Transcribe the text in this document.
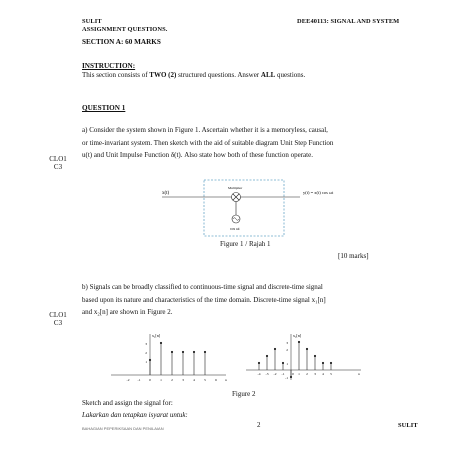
SULIT
ASSIGNMENT QUESTIONS.
DEE40113: SIGNAL AND SYSTEM
SECTION A: 60 MARKS
INSTRUCTION:
This section consists of TWO (2) structured questions. Answer ALL questions.
QUESTION 1
CLO1
C3
a) Consider the system shown in Figure 1. Ascertain whether it is a memoryless, causal,
or time-invariant system. Then sketch with the aid of suitable diagram Unit Step Function
u(t) and Unit Impulse Function δ(t). Also state how both of these function operate.
x(t)
Multiplier
y(t) = x(t) cos ωt
cos ωt
Figure 1 / Rajah 1
[10 marks]
b) Signals can be broadly classified to continuous-time signal and discrete-time signal
based upon its nature and characteristics of the time domain. Discrete-time signal x₁[n]
and x₂[n] are shown in Figure 2.
CLO1
C3
x₁[n]
-2 -1 0	1	2	3	4	5	6 n
3
2
1
x₂[n]
-4 -3 -2 -1 0 1 2 3 4 5	n
3
2
1
-1
Figure 2
Sketch and assign the signal for:
Lakarkan dan tetapkan isyarat untuk:
BAHAGIAN PEPERIKSAAN DAN PENILAIAN	2	SULIT
